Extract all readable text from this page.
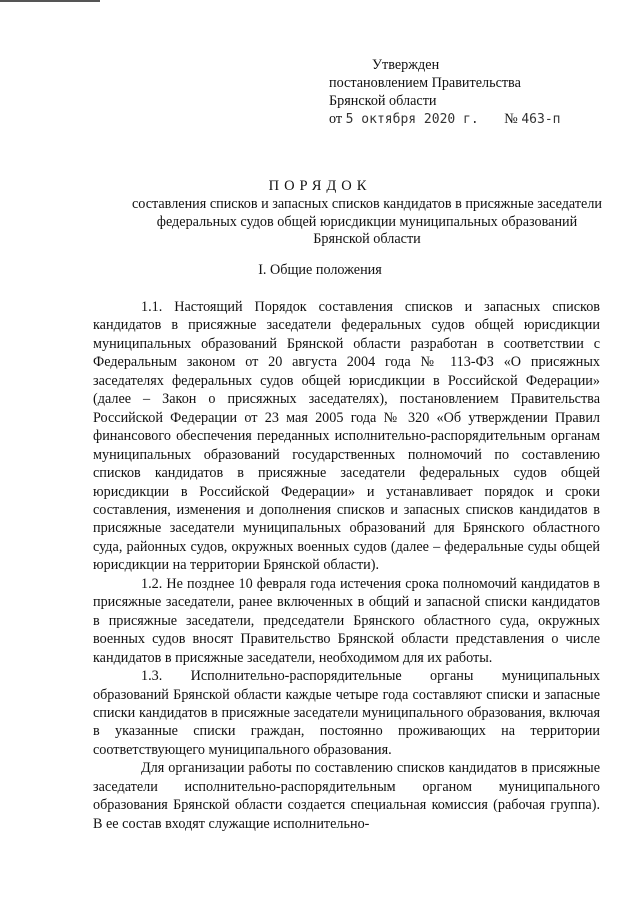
Утвержден
постановлением Правительства
Брянской области
от 5 октября 2020 г. № 463-п
ПОРЯДОК
составления списков и запасных списков кандидатов в присяжные заседатели федеральных судов общей юрисдикции муниципальных образований Брянской области
I. Общие положения

1.1. Настоящий Порядок составления списков и запасных списков кандидатов в присяжные заседатели федеральных судов общей юрисдикции муниципальных образований Брянской области разработан в соответствии с Федеральным законом от 20 августа 2004 года № 113-ФЗ «О присяжных заседателях федеральных судов общей юрисдикции в Российской Федерации» (далее – Закон о присяжных заседателях), постановлением Правительства Российской Федерации от 23 мая 2005 года № 320 «Об утверждении Правил финансового обеспечения переданных исполнительно-распорядительным органам муниципальных образований государственных полномочий по составлению списков кандидатов в присяжные заседатели федеральных судов общей юрисдикции в Российской Федерации» и устанавливает порядок и сроки составления, изменения и дополнения списков и запасных списков кандидатов в присяжные заседатели муниципальных образований для Брянского областного суда, районных судов, окружных военных судов (далее – федеральные суды общей юрисдикции на территории Брянской области).

1.2. Не позднее 10 февраля года истечения срока полномочий кандидатов в присяжные заседатели, ранее включенных в общий и запасной списки кандидатов в присяжные заседатели, председатели Брянского областного суда, окружных военных судов вносят Правительство Брянской области представления о числе кандидатов в присяжные заседатели, необходимом для их работы.

1.3. Исполнительно-распорядительные органы муниципальных образований Брянской области каждые четыре года составляют списки и запасные списки кандидатов в присяжные заседатели муниципального образования, включая в указанные списки граждан, постоянно проживающих на территории соответствующего муниципального образования.

Для организации работы по составлению списков кандидатов в присяжные заседатели исполнительно-распорядительным органом муниципального образования Брянской области создается специальная комиссия (рабочая группа). В ее состав входят служащие исполнительно-
